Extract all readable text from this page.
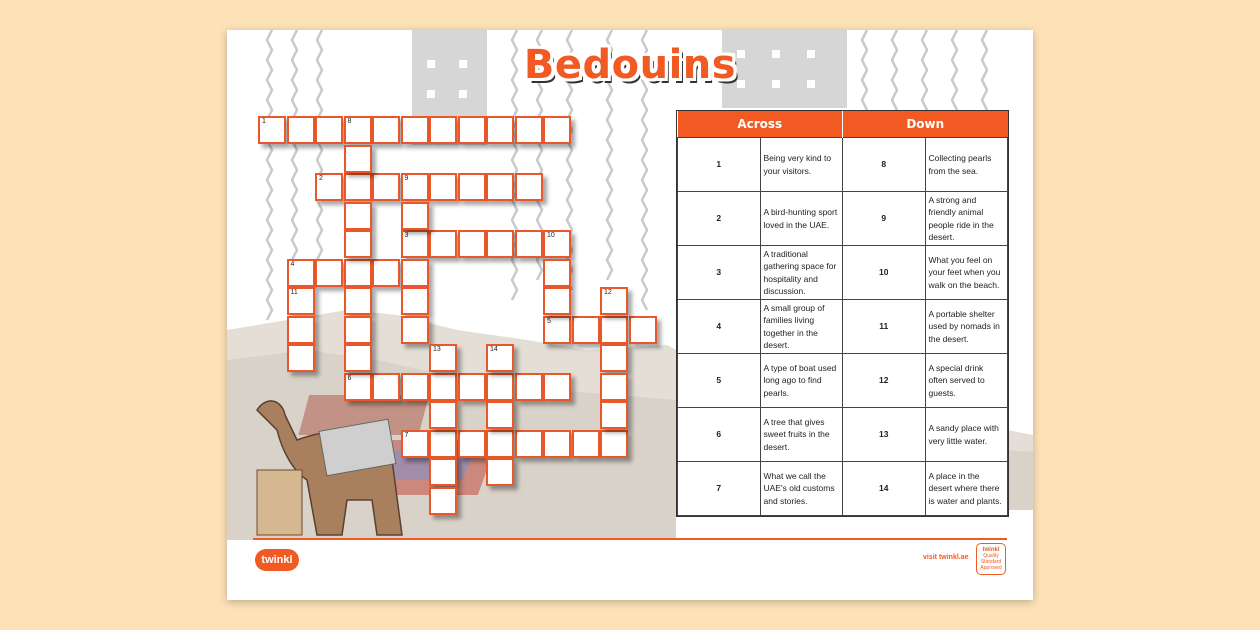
Bedouins
1	8
2	9
3	10
4
5
6
7
11	12
13	14
Across		Down	
1	Being very kind to your visitors.	8	Collecting pearls from the sea.
2	A bird-hunting sport loved in the UAE.	9	A strong and friendly animal people ride in the desert.
3	A traditional gathering space for hospitality and discussion.	10	What you feel on your feet when you walk on the beach.
4	A small group of families living together in the desert.	11	A portable shelter used by nomads in the desert.
5	A type of boat used long ago to find pearls.	12	A special drink often served to guests.
6	A tree that gives sweet fruits in the desert.	13	A sandy place with very little water.
7	What we call the UAE's old customs and stories.	14	A place in the desert where there is water and plants.
twinkl	visit twinkl.ae
twinkl
Quality Standard Approved
